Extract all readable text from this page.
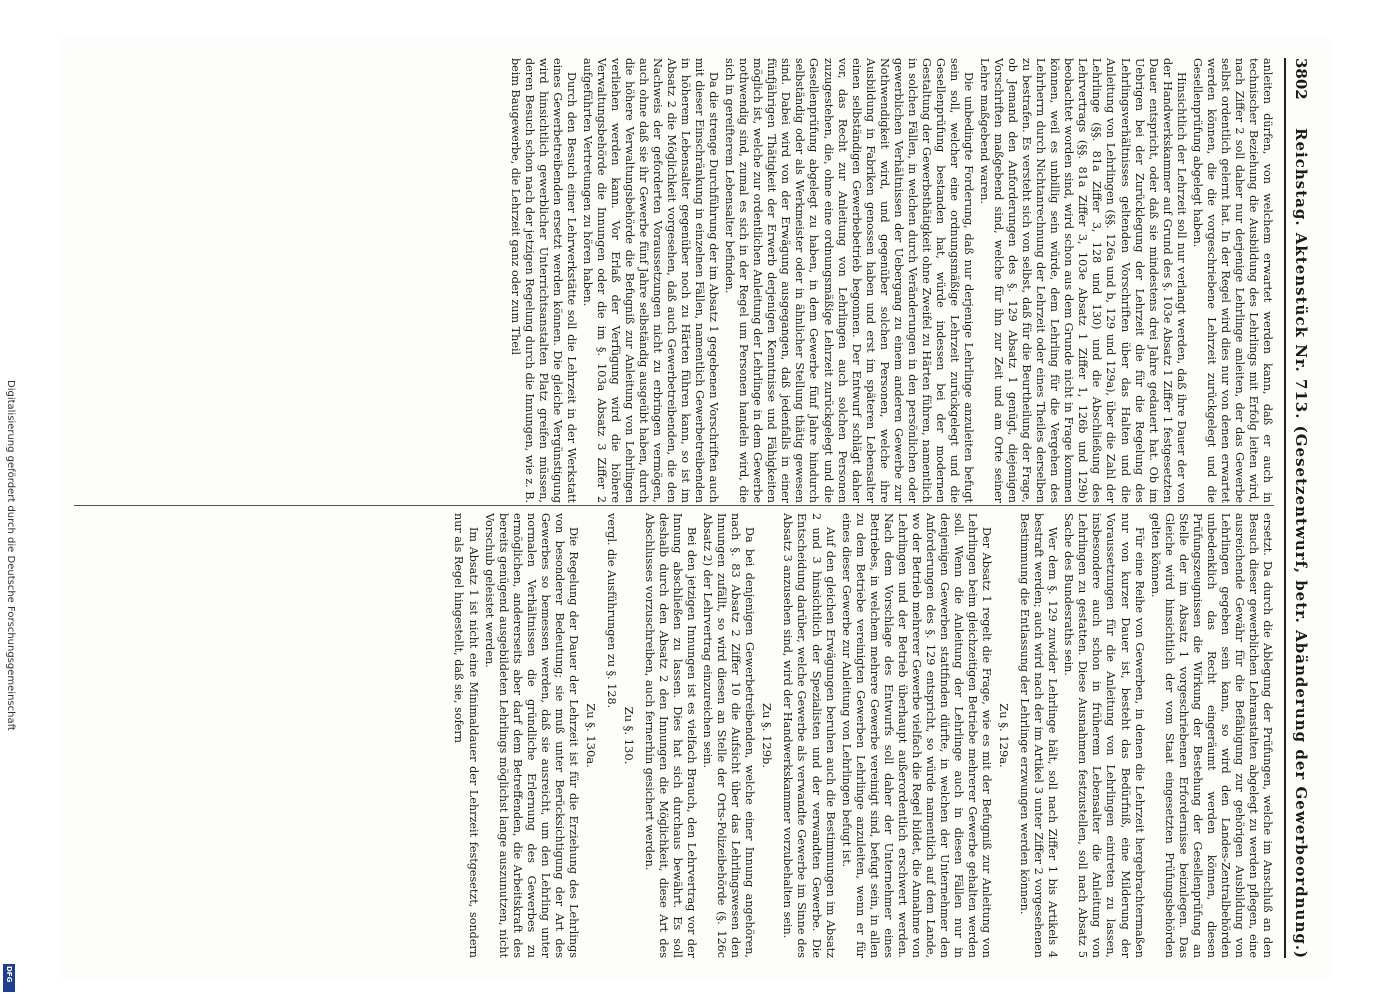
3802
Reichstag. Aktenstück Nr. 713. (Gesetzentwurf, betr. Abänderung der Gewerbeordnung.)

anleiten dürfen, von welchem erwartet werden kann, daß er auch in technischer Beziehung die Ausbildung des Lehrlings mit Erfolg leiten wird, nach Ziffer 2 soll daher nur derjenige Lehrlinge anleiten, der das Gewerbe selbst ordentlich gelernt hat. In der Regel wird dies nur von denen erwartet werden können, die die vorgeschriebene Lehrzeit zurückgelegt und die Gesellenprüfung abgelegt haben.

Hinsichtlich der Lehrzeit soll nur verlangt werden, daß ihre Dauer der von der Handwerkskammer auf Grund des §. 103e Absatz 1 Ziffer 1 festgesetzten Dauer entspricht, oder daß sie mindestens drei Jahre gedauert hat. Ob im Uebrigen bei der Zurücklegung der Lehrzeit die für die Regelung des Lehrlingsverhältnisses geltenden Vorschriften über das Halten und die Anleitung von Lehrlingen (§§. 126a und b, 129 und 129a), über die Zahl der Lehrlinge (§§. 81a Ziffer 3, 128 und 130) und die Abschließung des Lehrvertrags (§§. 81a Ziffer 3, 103e Absatz 1 Ziffer 1, 126b und 129b) beobachtet worden sind, wird schon aus dem Grunde nicht in Frage kommen können, weil es unbillig sein würde, dem Lehrling für die Vergehen des Lehrherrn durch Nichtanrechnung der Lehrzeit oder eines Theiles derselben zu bestrafen. Es versteht sich von selbst, daß für die Beurtheilung der Frage, ob Jemand den Anforderungen des §. 129 Absatz 1 genügt, diejenigen Vorschriften maßgebend sind, welche für ihn zur Zeit und am Orte seiner Lehre maßgebend waren.

Die unbedingte Forderung, daß nur derjenige Lehrlinge anzuleiten befugt sein soll, welcher eine ordnungsmäßige Lehrzeit zurückgelegt und die Gesellenprüfung bestanden hat, würde indessen bei der modernen Gestaltung der Gewerbsthätigkeit ohne Zweifel zu Härten führen, namentlich in solchen Fällen, in welchen durch Veränderungen in den persönlichen oder gewerblichen Verhältnissen der Uebergang zu einem anderen Gewerbe zur Nothwendigkeit wird, und gegenüber solchen Personen, welche ihre Ausbildung in Fabriken genossen haben und erst im späteren Lebensalter einen selbständigen Gewerbebetrieb begonnen. Der Entwurf schlägt daher vor, das Recht zur Anleitung von Lehrlingen auch solchen Personen zuzugestehen, die, ohne eine ordnungsmäßige Lehrzeit zurückgelegt und die Gesellenprüfung abgelegt zu haben, in dem Gewerbe fünf Jahre hindurch selbständig oder als Werkmeister oder in ähnlicher Stellung thätig gewesen sind. Dabei wird von der Erwägung ausgegangen, daß jedenfalls in einer fünfjährigen Thätigkeit der Erwerb derjenigen Kenntnisse und Fähigkeiten möglich ist, welche zur ordentlichen Anleitung der Lehrlinge in dem Gewerbe nothwendig sind, zumal es sich in der Regel um Personen handeln wird, die sich in gereifterem Lebensalter befinden.

Da die strenge Durchführung der im Absatz 1 gegebenen Vorschriften auch mit dieser Einschränkung in einzelnen Fällen, namentlich Gewerbetreibenden in höherem Lebensalter gegenüber noch zu Härten führen kann, so ist im Absatz 2 die Möglichkeit vorgesehen, daß auch Gewerbetreibenden, die den Nachweis der geforderten Voraussetzungen nicht zu erbringen vermögen, auch ohne daß sie ihr Gewerbe fünf Jahre selbständig ausgeübt haben, durch die höhere Verwaltungsbehörde die Befugniß zur Anleitung von Lehrlingen verliehen werden kann. Vor Erlaß der Verfügung wird die höhere Verwaltungsbehörde die Innungen oder die im §. 103a Absatz 3 Ziffer 2 aufgeführten Vertretungen zu hören haben.

Durch den Besuch einer Lehrwerkstätte soll die Lehrzeit in der Werkstatt eines Gewerbetreibenden ersetzt werden können. Die gleiche Vergünstigung wird hinsichtlich gewerblicher Unterrichtsanstalten Platz greifen müssen, deren Besuch schon nach der jetzigen Regelung durch die Innungen, wie z. B. beim Baugewerbe, die Lehrzeit ganz oder zum Theil

ersetzt. Da durch die Ablegung der Prüfungen, welche im Anschluß an den Besuch dieser gewerblichen Lehranstalten abgelegt zu werden pflegen, eine ausreichende Gewähr für die Befähigung zur gehörigen Ausbildung von Lehrlingen gegeben sein kann, so wird den Landes-Zentralbehörden unbedenklich das Recht eingeräumt werden können, diesen Prüfungszeugnissen die Wirkung der Bestehung der Gesellenprüfung an Stelle der im Absatz 1 vorgeschriebenen Erfordernisse beizulegen. Das Gleiche wird hinsichtlich der vom Staat eingesetzten Prüfungsbehörden gelten können.

Für eine Reihe von Gewerben, in denen die Lehrzeit hergebrachtermaßen nur von kurzer Dauer ist, besteht das Bedürfniß, eine Milderung der Voraussetzungen für die Anleitung von Lehrlingen eintreten zu lassen, insbesondere auch schon in früherem Lebensalter die Anleitung von Lehrlingen zu gestatten. Diese Ausnahmen festzustellen, soll nach Absatz 5 Sache des Bundesraths sein.

Wer dem §. 129 zuwider Lehrlinge hält, soll nach Ziffer 1 bis Artikels 4 bestraft werden; auch wird nach der im Artikel 3 unter Ziffer 2 vorgesehenen Bestimmung die Entlassung der Lehrlinge erzwungen werden können.

Zu §. 129a.

Der Absatz 1 regelt die Frage, wie es mit der Befugniß zur Anleitung von Lehrlingen beim gleichzeitigen Betriebe mehrerer Gewerbe gehalten werden soll. Wenn die Anleitung der Lehrlinge auch in diesen Fällen nur in denjenigen Gewerben stattfinden dürfte, in welchen der Unternehmer den Anforderungen des §. 129 entspricht, so würde namentlich auf dem Lande, wo der Betrieb mehrerer Gewerbe vielfach die Regel bildet, die Annahme von Lehrlingen und der Betrieb überhaupt außerordentlich erschwert werden. Nach dem Vorschlage des Entwurfs soll daher der Unternehmer eines Betriebes, in welchem mehrere Gewerbe vereinigt sind, befugt sein, in allen zu dem Betriebe vereinigten Gewerben Lehrlinge anzuleiten, wenn er für eines dieser Gewerbe zur Anleitung von Lehrlingen befugt ist.

Auf den gleichen Erwägungen beruhen auch die Bestimmungen im Absatz 2 und 3 hinsichtlich der Spezialisten und der verwandten Gewerbe. Die Entscheidung darüber, welche Gewerbe als verwandte Gewerbe im Sinne des Absatz 3 anzusehen sind, wird der Handwerkskammer vorzubehalten sein.

Zu §. 129b.

Da bei denjenigen Gewerbetreibenden, welche einer Innung angehören, nach §. 83 Absatz 2 Ziffer 10 die Aufsicht über das Lehrlingswesen den Innungen zufällt, so wird diesen an Stelle der Orts-Polizeibehörde (§. 126c Absatz 2) der Lehrvertrag einzureichen sein.

Bei den jetzigen Innungen ist es vielfach Brauch, den Lehrvertrag vor der Innung abschließen zu lassen. Dies hat sich durchaus bewährt. Es soll deshalb durch den Absatz 2 den Innungen die Möglichkeit, diese Art des Abschlusses vorzuschreiben, auch fernerhin gesichert werden.

Zu §. 130.

vergl. die Ausführungen zu §. 128.

Zu §. 130a.

Die Regelung der Dauer der Lehrzeit ist für die Erziehung des Lehrlings von besonderer Bedeutung; sie muß unter Berücksichtigung der Art des Gewerbes so bemessen werden, daß sie ausreicht, um den Lehrling unter normalen Verhältnissen die gründliche Erlernung des Gewerbes zu ermöglichen, andererseits aber darf dem Betreffenden, die Arbeitskraft des bereits genügend ausgebildeten Lehrlings möglichst lange auszunutzen, nicht Vorschub geleistet werden.

Im Absatz 1 ist nicht eine Minimaldauer der Lehrzeit festgesetzt, sondern nur als Regel hingestellt, daß sie, sofern

Digitalisierung gefördert durch die Deutsche Forschungsgemeinschaft
DFG
